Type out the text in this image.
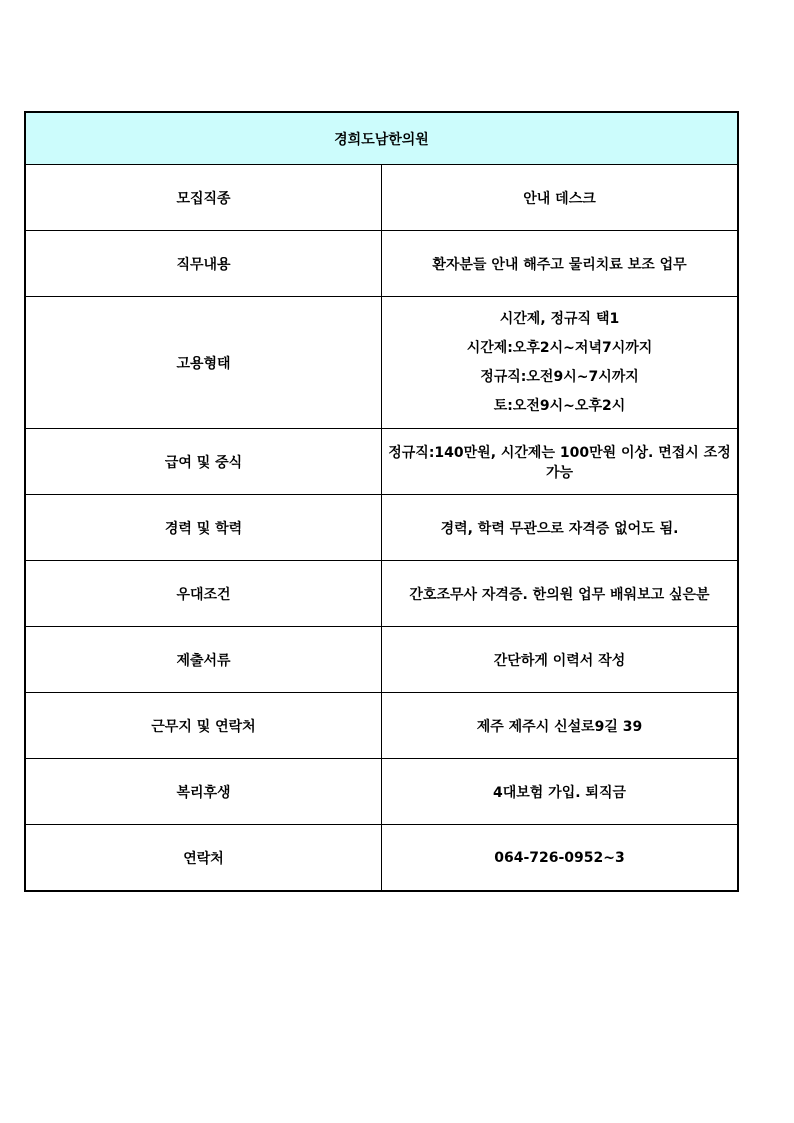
경희도남한의원	
모집직종	안내 데스크
직무내용	환자분들 안내 해주고 물리치료 보조 업무
고용형태	시간제, 정규직 택1
시간제:오후2시~저녁7시까지
정규직:오전9시~7시까지
토:오전9시~오후2시

급여 및 중식	정규직:140만원, 시간제는 100만원 이상. 면접시 조정가능
경력 및 학력	경력, 학력 무관으로 자격증 없어도 됨.
우대조건	간호조무사 자격증. 한의원 업무 배워보고 싶은분
제출서류	간단하게 이력서 작성
근무지 및 연락처	제주 제주시 신설로9길 39
복리후생	4대보험 가입. 퇴직금
연락처	064-726-0952~3
